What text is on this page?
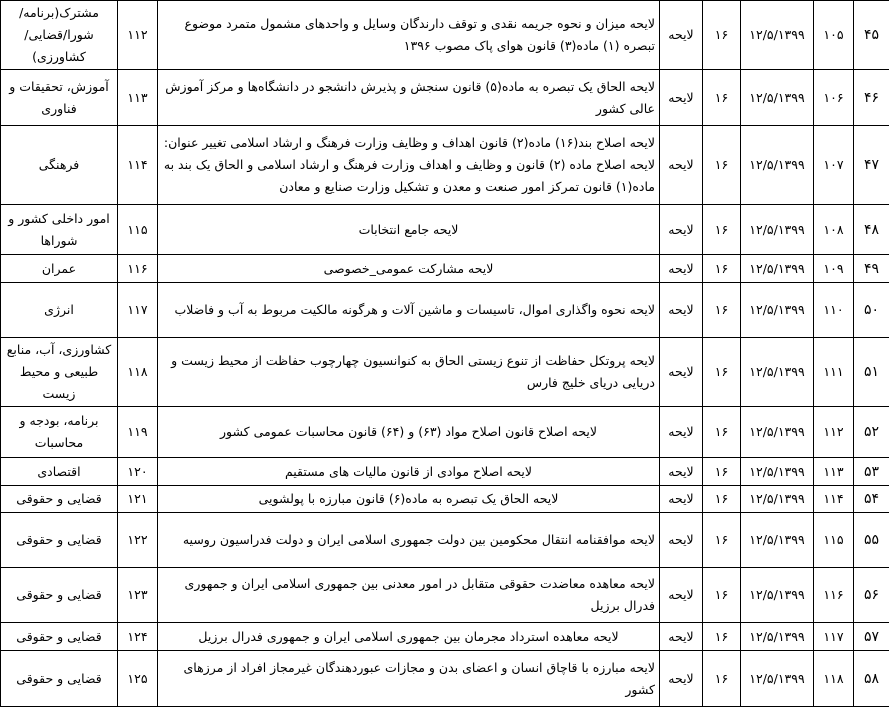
۴۵	۱۰۵	۱۲/۵/۱۳۹۹	۱۶	لایحه	لایحه میزان و نحوه جریمه نقدی و توقف دارندگان وسایل و واحدهای مشمول متمرد موضوع تبصره (۱) ماده(۳) قانون هوای پاک مصوب ۱۳۹۶	۱۱۲	مشترک(برنامه/شورا/قضایی/کشاورزی)
۴۶	۱۰۶	۱۲/۵/۱۳۹۹	۱۶	لایحه	لایحه الحاق یک تبصره به ماده(۵) قانون سنجش و پذیرش دانشجو در دانشگاه‌ها و مرکز آموزش عالی کشور	۱۱۳	آموزش، تحقیقات و فناوری
۴۷	۱۰۷	۱۲/۵/۱۳۹۹	۱۶	لایحه	لایحه اصلاح بند(۱۶) ماده(۲) قانون اهداف و وظایف وزارت فرهنگ و ارشاد اسلامی تغییر عنوان: لایحه اصلاح ماده (۲) قانون و وظایف و اهداف وزارت فرهنگ و ارشاد اسلامی و الحاق یک بند به ماده(۱) قانون تمرکز امور صنعت و معدن و تشکیل وزارت صنایع و معادن	۱۱۴	فرهنگی
۴۸	۱۰۸	۱۲/۵/۱۳۹۹	۱۶	لایحه	لایحه جامع انتخابات	۱۱۵	امور داخلی کشور و شوراها
۴۹	۱۰۹	۱۲/۵/۱۳۹۹	۱۶	لایحه	لایحه مشارکت عمومی_خصوصی	۱۱۶	عمران
۵۰	۱۱۰	۱۲/۵/۱۳۹۹	۱۶	لایحه	لایحه نحوه واگذاری اموال، تاسیسات و ماشین آلات و هرگونه مالکیت مربوط به آب و فاضلاب	۱۱۷	انرژی
۵۱	۱۱۱	۱۲/۵/۱۳۹۹	۱۶	لایحه	لایحه پروتکل حفاظت از تنوع زیستی الحاق به کنوانسیون چهارچوب حفاظت از محیط زیست و دریایی دریای خلیج فارس	۱۱۸	کشاورزی، آب، منابع طبیعی و محیط زیست
۵۲	۱۱۲	۱۲/۵/۱۳۹۹	۱۶	لایحه	لایحه اصلاح قانون اصلاح مواد (۶۳) و (۶۴) قانون محاسبات عمومی کشور	۱۱۹	برنامه، بودجه و محاسبات
۵۳	۱۱۳	۱۲/۵/۱۳۹۹	۱۶	لایحه	لایحه اصلاح موادی از قانون مالیات های مستقیم	۱۲۰	اقتصادی
۵۴	۱۱۴	۱۲/۵/۱۳۹۹	۱۶	لایحه	لایحه الحاق یک تبصره به ماده(۶) قانون مبارزه با پولشویی	۱۲۱	قضایی و حقوقی
۵۵	۱۱۵	۱۲/۵/۱۳۹۹	۱۶	لایحه	لایحه موافقنامه انتقال محکومین بین دولت جمهوری اسلامی ایران و دولت فدراسیون روسیه	۱۲۲	قضایی و حقوقی
۵۶	۱۱۶	۱۲/۵/۱۳۹۹	۱۶	لایحه	لایحه معاهده معاضدت حقوقی متقابل در امور معدنی بین جمهوری اسلامی ایران و جمهوری فدرال برزیل	۱۲۳	قضایی و حقوقی
۵۷	۱۱۷	۱۲/۵/۱۳۹۹	۱۶	لایحه	لایحه معاهده استرداد مجرمان بین جمهوری اسلامی ایران و جمهوری فدرال برزیل	۱۲۴	قضایی و حقوقی
۵۸	۱۱۸	۱۲/۵/۱۳۹۹	۱۶	لایحه	لایحه مبارزه با قاچاق انسان و اعضای بدن و مجازات عبوردهندگان غیرمجاز افراد از مرزهای کشور	۱۲۵	قضایی و حقوقی
